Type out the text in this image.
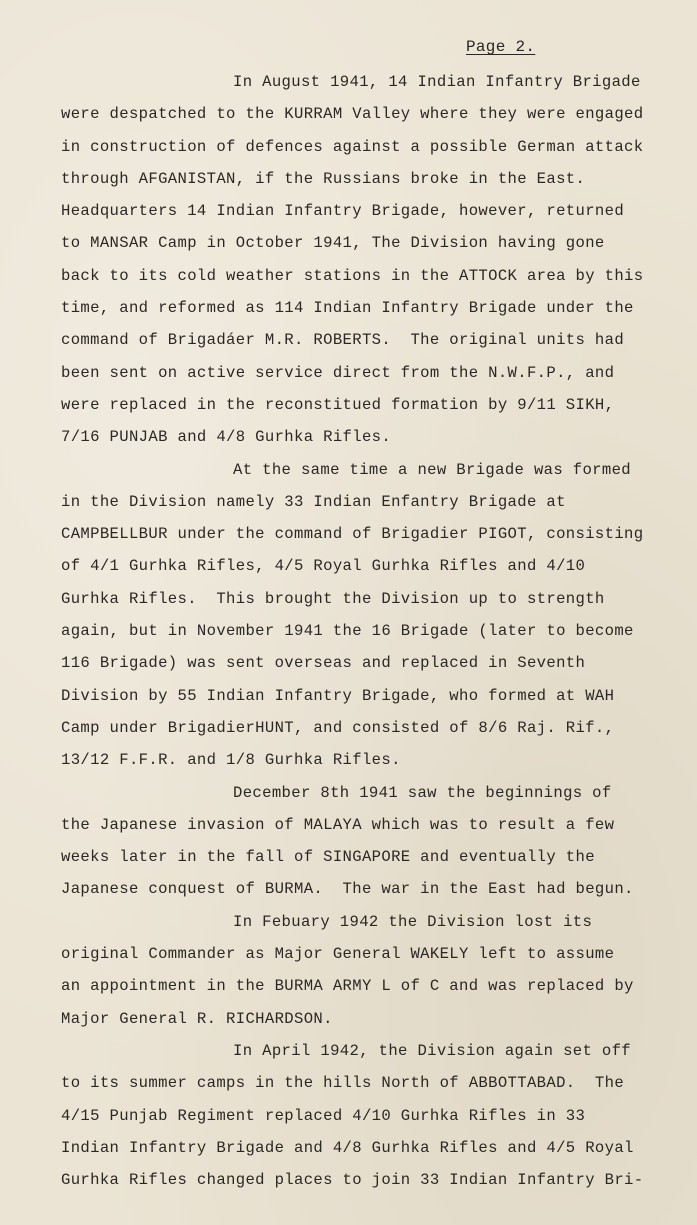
Page 2.
In August 1941, 14 Indian Infantry Brigade
were despatched to the KURRAM Valley where they were engaged
in construction of defences against a possible German attack
through AFGANISTAN, if the Russians broke in the East.
Headquarters 14 Indian Infantry Brigade, however, returned
to MANSAR Camp in October 1941, The Division having gone
back to its cold weather stations in the ATTOCK area by this
time, and reformed as 114 Indian Infantry Brigade under the
command of Brigadáer M.R. ROBERTS.  The original units had
been sent on active service direct from the N.W.F.P., and
were replaced in the reconstitued formation by 9/11 SIKH,
7/16 PUNJAB and 4/8 Gurhka Rifles.
At the same time a new Brigade was formed
in the Division namely 33 Indian Enfantry Brigade at
CAMPBELLBUR under the command of Brigadier PIGOT, consisting
of 4/1 Gurhka Rifles, 4/5 Royal Gurhka Rifles and 4/10
Gurhka Rifles.  This brought the Division up to strength
again, but in November 1941 the 16 Brigade (later to become
116 Brigade) was sent overseas and replaced in Seventh
Division by 55 Indian Infantry Brigade, who formed at WAH
Camp under BrigadierHUNT, and consisted of 8/6 Raj. Rif.,
13/12 F.F.R. and 1/8 Gurhka Rifles.
December 8th 1941 saw the beginnings of
the Japanese invasion of MALAYA which was to result a few
weeks later in the fall of SINGAPORE and eventually the
Japanese conquest of BURMA.  The war in the East had begun.
In Febuary 1942 the Division lost its
original Commander as Major General WAKELY left to assume
an appointment in the BURMA ARMY L of C and was replaced by
Major General R. RICHARDSON.
In April 1942, the Division again set off
to its summer camps in the hills North of ABBOTTABAD.  The
4/15 Punjab Regiment replaced 4/10 Gurhka Rifles in 33
Indian Infantry Brigade and 4/8 Gurhka Rifles and 4/5 Royal
Gurhka Rifles changed places to join 33 Indian Infantry Bri-
